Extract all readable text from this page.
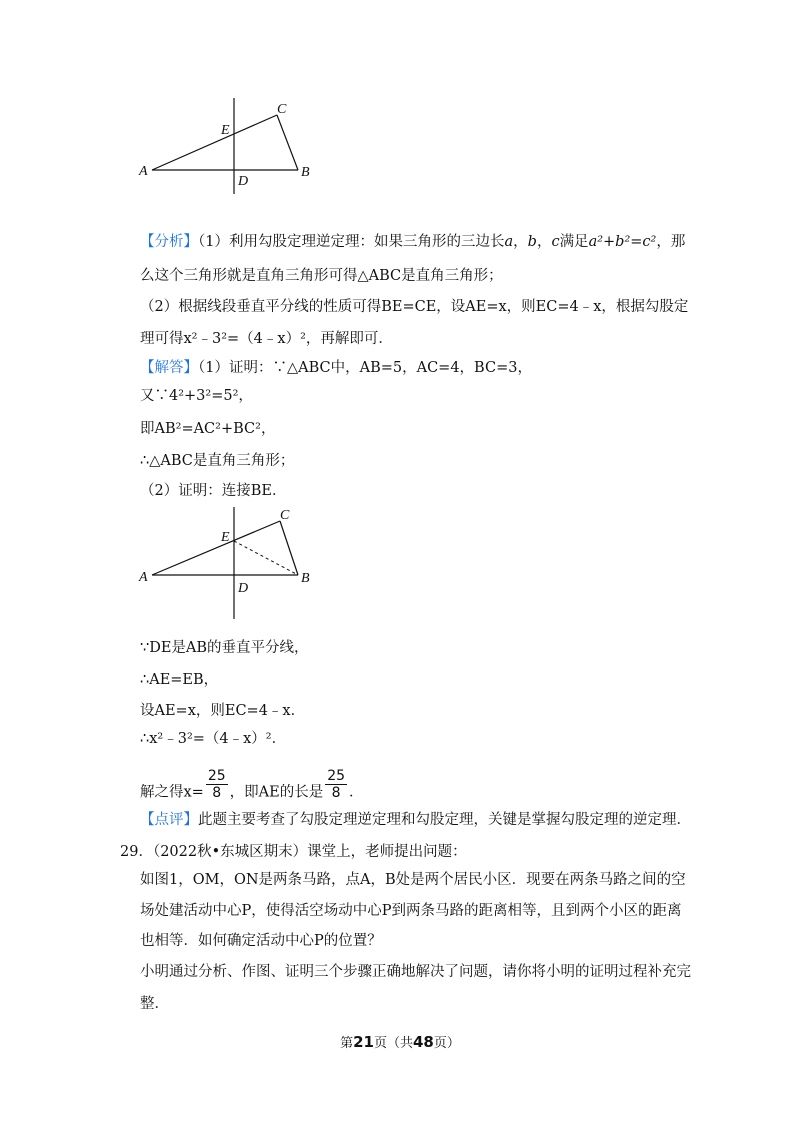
A	B
C
D
E
【分析】（1）利用勾股定理逆定理：如果三角形的三边长a，b，c满足a²+b²=c²，那
么这个三角形就是直角三角形可得△ABC是直角三角形；
（2）根据线段垂直平分线的性质可得BE=CE，设AE=x，则EC=4﹣x，根据勾股定
理可得x²﹣3²=（4﹣x）²，再解即可．
【解答】（1）证明：∵△ABC中，AB=5，AC=4，BC=3，
又∵4²+3²=5²，
即AB²=AC²+BC²，
∴△ABC是直角三角形；
（2）证明：连接BE．
A	B
C
D
E
∵DE是AB的垂直平分线，
∴AE=EB，
设AE=x，则EC=4﹣x．
∴x²﹣3²=（4﹣x）²．
解之得$x= \frac{25}{8}$ ，即AE的长是 $\frac{25}{8}$ ．
【点评】此题主要考查了勾股定理逆定理和勾股定理，关键是掌握勾股定理的逆定理．
29．（2022秋•东城区期末）课堂上，老师提出问题：
如图1，OM，ON是两条马路，点A，B处是两个居民小区．现要在两条马路之间的空
场处建活动中心P，使得活空场动中心P到两条马路的距离相等，且到两个小区的距离
也相等．如何确定活动中心P的位置？
小明通过分析、作图、证明三个步骤正确地解决了问题，请你将小明的证明过程补充完
整．
第21页（共48页）
